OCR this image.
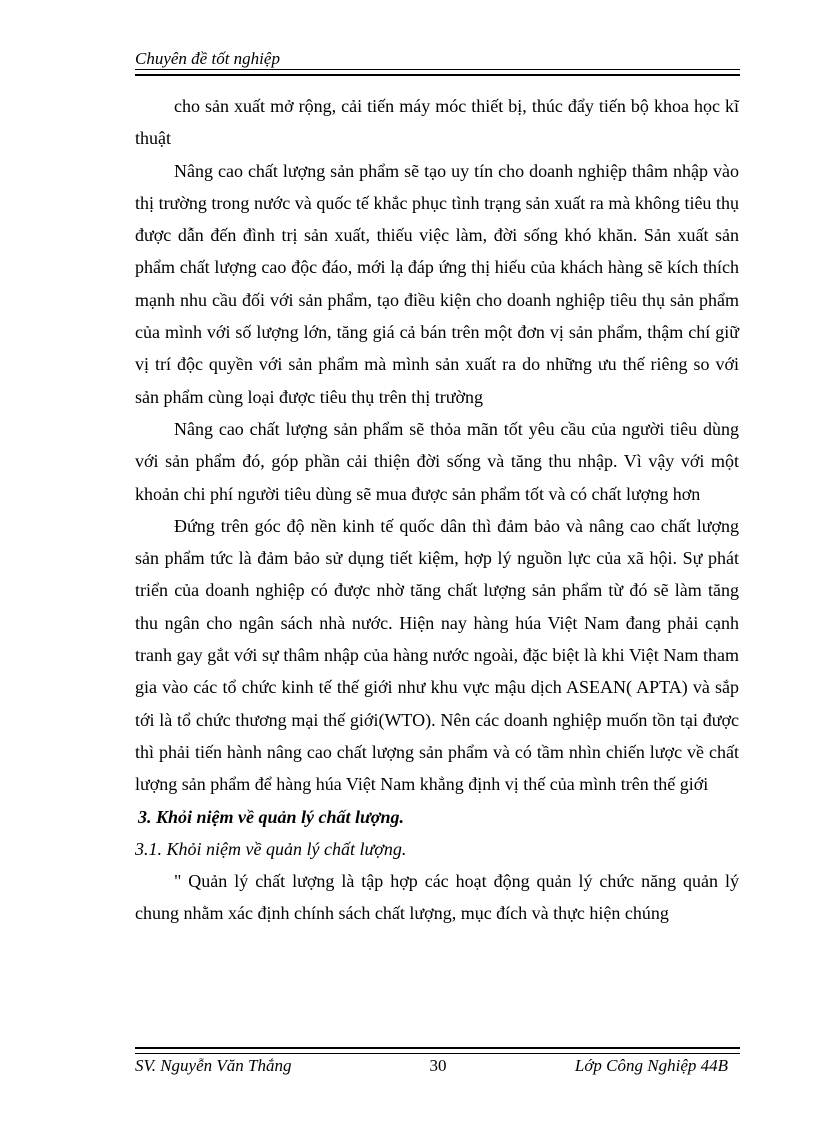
Chuyên đề tốt nghiệp

cho sản xuất mở rộng, cải tiến máy móc thiết bị, thúc đẩy tiến bộ khoa học kĩ thuật

Nâng cao chất lượng sản phẩm sẽ tạo uy tín cho doanh nghiệp thâm nhập vào thị trường trong nước và quốc tế khắc phục tình trạng sản xuất ra mà không tiêu thụ được dẫn đến đình trị sản xuất, thiếu việc làm, đời sống khó khăn. Sản xuất sản phẩm chất lượng cao độc đáo, mới lạ đáp ứng thị hiếu của khách hàng sẽ kích thích mạnh nhu cầu đối với sản phẩm, tạo điều kiện cho doanh nghiệp tiêu thụ sản phẩm của mình với số lượng lớn, tăng giá cả bán trên một đơn vị sản phẩm, thậm chí giữ vị trí độc quyền với sản phẩm mà mình sản xuất ra do những ưu thế riêng so với sản phẩm cùng loại được tiêu thụ trên thị trường

Nâng cao chất lượng sản phẩm sẽ thỏa mãn tốt yêu cầu của người tiêu dùng với sản phẩm đó, góp phần cải thiện đời sống và tăng thu nhập. Vì vậy với một khoản chi phí người tiêu dùng sẽ mua được sản phẩm tốt và có chất lượng hơn

Đứng trên góc độ nền kinh tế quốc dân thì đảm bảo và nâng cao chất lượng sản phẩm tức là đảm bảo sử dụng tiết kiệm, hợp lý nguồn lực của xã hội. Sự phát triển của doanh nghiệp có được nhờ tăng chất lượng sản phẩm từ đó sẽ làm tăng thu ngân cho ngân sách nhà nước. Hiện nay hàng húa Việt Nam đang phải cạnh tranh gay gắt với sự thâm nhập của hàng nước ngoài, đặc biệt là khi Việt Nam tham gia vào các tổ chức kinh tế thế giới như khu vực mậu dịch ASEAN( APTA) và sắp tới là tổ chức thương mại thế giới(WTO). Nên các doanh nghiệp muốn tồn tại được thì phải tiến hành nâng cao chất lượng sản phẩm và có tầm nhìn chiến lược về chất lượng sản phẩm để hàng húa Việt Nam khẳng định vị thế của mình trên thế giới

3. Khỏi niệm về quản lý chất lượng.

3.1. Khỏi niệm về quản lý chất lượng.

" Quản lý chất lượng là tập hợp các hoạt động quản lý chức năng quản lý chung nhằm xác định chính sách chất lượng, mục đích và thực hiện chúng

SV. Nguyễn Văn Thắng	30	Lớp Công Nghiệp 44B
